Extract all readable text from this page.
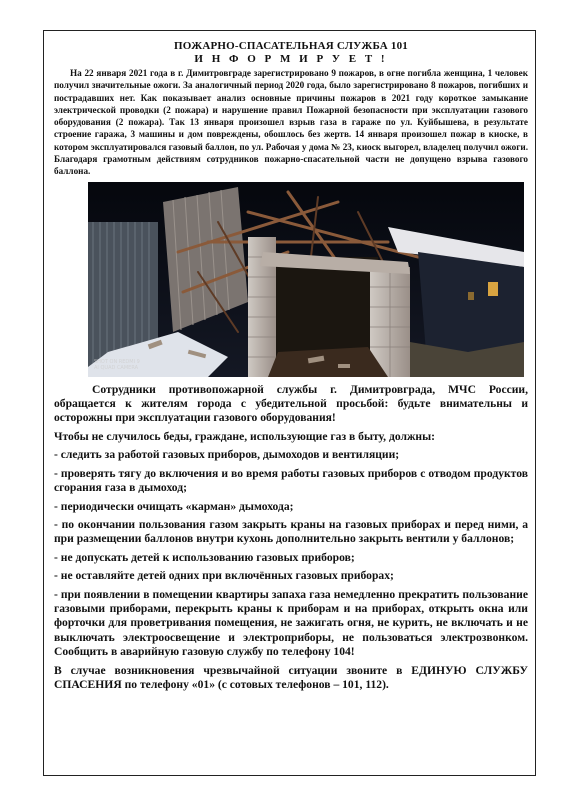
ПОЖАРНО-СПАСАТЕЛЬНАЯ СЛУЖБА 101

И Н Ф О Р М И Р У Е Т !

На 22 января 2021 года в г. Димитровграде зарегистрировано 9 пожаров, в огне погибла женщина, 1 человек получил значительные ожоги. За аналогичный период 2020 года, было зарегистрировано 8 пожаров, погибших и пострадавших нет. Как показывает анализ основные причины пожаров в 2021 году короткое замыкание электрической проводки (2 пожара) и нарушение правил Пожарной безопасности при эксплуатации газового оборудования (2 пожара). Так 13 января произошел взрыв газа в гараже по ул. Куйбышева, в результате строение гаража, 3 машины и дом повреждены, обошлось без жертв. 14 января произошел пожар в киоске, в котором эксплуатировался газовый баллон, по ул. Рабочая у дома № 23, киоск выгорел, владелец получил ожоги. Благодаря грамотным действиям сотрудников пожарно-спасательной части не допущено взрыва газового баллона.

SHOT ON REDMI 9
AI QUAD CAMERA

Сотрудники противопожарной службы г. Димитровграда, МЧС России, обращается к жителям города с убедительной просьбой: будьте внимательны и осторожны при эксплуатации газового оборудования!

Чтобы не случилось беды, граждане, использующие газ в быту, должны:

- следить за работой газовых приборов, дымоходов и вентиляции;

- проверять тягу до включения и во время работы газовых приборов с отводом продуктов сгорания газа в дымоход;

- периодически очищать «карман» дымохода;

- по окончании пользования газом закрыть краны на газовых приборах и перед ними, а при размещении баллонов внутри кухонь дополнительно закрыть вентили у баллонов;

- не допускать детей к использованию газовых приборов;

- не оставляйте детей одних при включённых газовых приборах;

- при появлении в помещении квартиры запаха газа немедленно прекратить пользование газовыми приборами, перекрыть краны к приборам и на приборах, открыть окна или форточки для проветривания помещения, не зажигать огня, не курить, не включать и не выключать электроосвещение и электроприборы, не пользоваться электрозвонком. Сообщить в аварийную газовую службу по телефону 104!

В случае возникновения чрезвычайной ситуации звоните в ЕДИНУЮ СЛУЖБУ СПАСЕНИЯ по телефону «01» (с сотовых телефонов – 101, 112).
